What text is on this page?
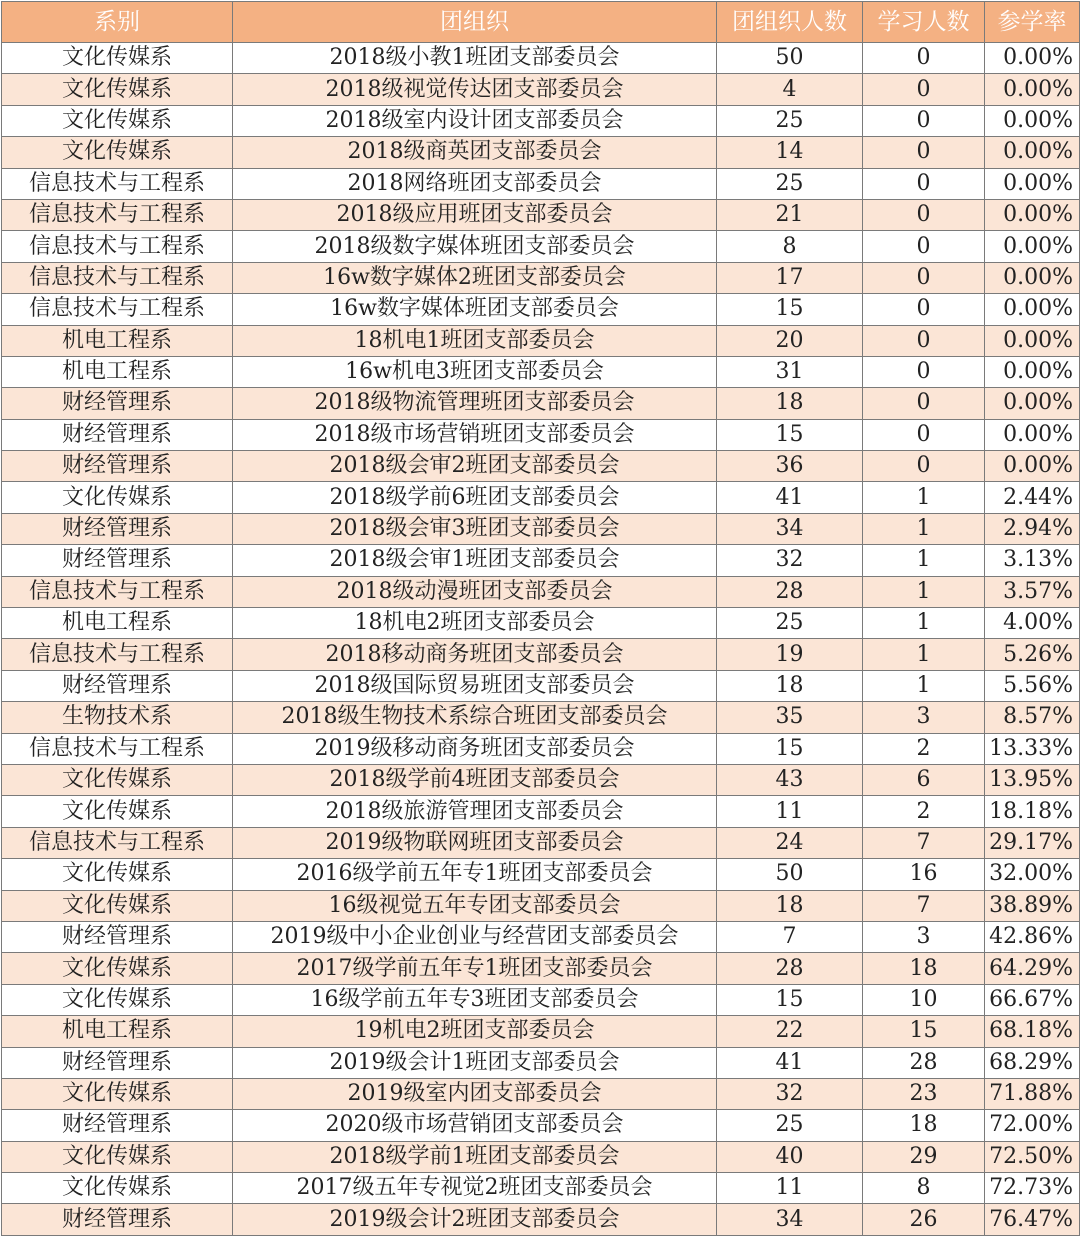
系别	团组织	团组织人数	学习人数	参学率
文化传媒系	2018级小教1班团支部委员会	50	0	0.00%
文化传媒系	2018级视觉传达团支部委员会	4	0	0.00%
文化传媒系	2018级室内设计团支部委员会	25	0	0.00%
文化传媒系	2018级商英团支部委员会	14	0	0.00%
信息技术与工程系	2018网络班团支部委员会	25	0	0.00%
信息技术与工程系	2018级应用班团支部委员会	21	0	0.00%
信息技术与工程系	2018级数字媒体班团支部委员会	8	0	0.00%
信息技术与工程系	16w数字媒体2班团支部委员会	17	0	0.00%
信息技术与工程系	16w数字媒体班团支部委员会	15	0	0.00%
机电工程系	18机电1班团支部委员会	20	0	0.00%
机电工程系	16w机电3班团支部委员会	31	0	0.00%
财经管理系	2018级物流管理班团支部委员会	18	0	0.00%
财经管理系	2018级市场营销班团支部委员会	15	0	0.00%
财经管理系	2018级会审2班团支部委员会	36	0	0.00%
文化传媒系	2018级学前6班团支部委员会	41	1	2.44%
财经管理系	2018级会审3班团支部委员会	34	1	2.94%
财经管理系	2018级会审1班团支部委员会	32	1	3.13%
信息技术与工程系	2018级动漫班团支部委员会	28	1	3.57%
机电工程系	18机电2班团支部委员会	25	1	4.00%
信息技术与工程系	2018移动商务班团支部委员会	19	1	5.26%
财经管理系	2018级国际贸易班团支部委员会	18	1	5.56%
生物技术系	2018级生物技术系综合班团支部委员会	35	3	8.57%
信息技术与工程系	2019级移动商务班团支部委员会	15	2	13.33%
文化传媒系	2018级学前4班团支部委员会	43	6	13.95%
文化传媒系	2018级旅游管理团支部委员会	11	2	18.18%
信息技术与工程系	2019级物联网班团支部委员会	24	7	29.17%
文化传媒系	2016级学前五年专1班团支部委员会	50	16	32.00%
文化传媒系	16级视觉五年专团支部委员会	18	7	38.89%
财经管理系	2019级中小企业创业与经营团支部委员会	7	3	42.86%
文化传媒系	2017级学前五年专1班团支部委员会	28	18	64.29%
文化传媒系	16级学前五年专3班团支部委员会	15	10	66.67%
机电工程系	19机电2班团支部委员会	22	15	68.18%
财经管理系	2019级会计1班团支部委员会	41	28	68.29%
文化传媒系	2019级室内团支部委员会	32	23	71.88%
财经管理系	2020级市场营销团支部委员会	25	18	72.00%
文化传媒系	2018级学前1班团支部委员会	40	29	72.50%
文化传媒系	2017级五年专视觉2班团支部委员会	11	8	72.73%
财经管理系	2019级会计2班团支部委员会	34	26	76.47%
